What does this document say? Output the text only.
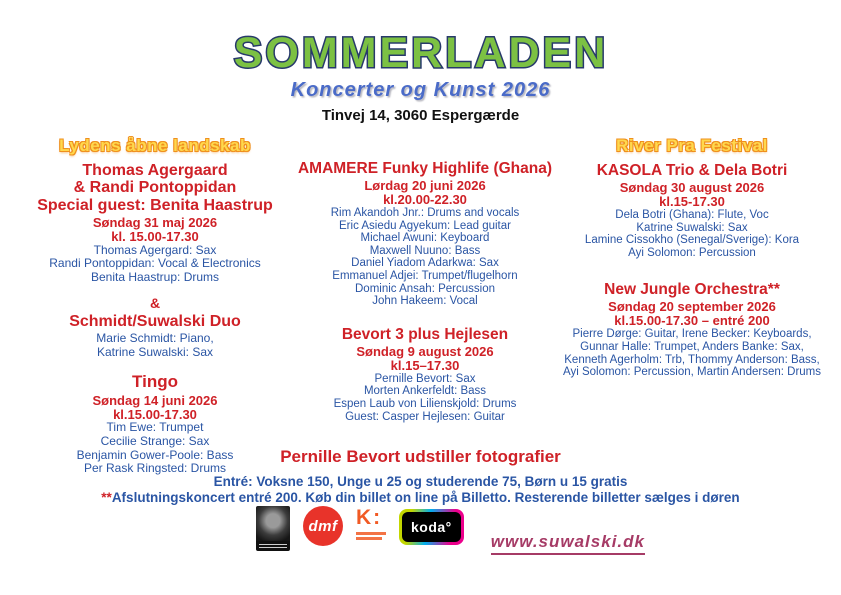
SOMMERLADEN
Koncerter og Kunst 2026
Tinvej 14, 3060 Espergærde
Lydens åbne landskab
Thomas Agergaard
& Randi Pontoppidan
Special guest: Benita Haastrup
Søndag 31 maj 2026
kl. 15.00-17.30
Thomas Agergard: Sax
Randi Pontoppidan: Vocal & Electronics
Benita Haastrup: Drums
&
Schmidt/Suwalski Duo
Marie Schmidt: Piano,
Katrine Suwalski: Sax
Tingo
Søndag 14 juni 2026
kl.15.00-17.30
Tim Ewe: Trumpet
Cecilie Strange: Sax
Benjamin Gower-Poole: Bass
Per Rask Ringsted: Drums
AMAMERE Funky Highlife (Ghana)
Lørdag 20 juni 2026
kl.20.00-22.30
Rim Akandoh Jnr.: Drums and vocals
Eric Asiedu Agyekum: Lead guitar
Michael Awuni: Keyboard
Maxwell Nuuno: Bass
Daniel Yiadom Adarkwa: Sax
Emmanuel Adjei: Trumpet/flugelhorn
Dominic Ansah: Percussion
John Hakeem: Vocal
Bevort 3 plus Hejlesen
Søndag 9 august 2026
kl.15–17.30
Pernille Bevort: Sax
Morten Ankerfeldt: Bass
Espen Laub von Lilienskjold: Drums
Guest: Casper Hejlesen: Guitar
River Pra Festival
KASOLA Trio & Dela Botri
Søndag 30 august 2026
kl.15-17.30
Dela Botri (Ghana): Flute, Voc
Katrine Suwalski: Sax
Lamine Cissokho (Senegal/Sverige): Kora
Ayi Solomon: Percussion
New Jungle Orchestra**
Søndag 20 september 2026
kl.15.00-17.30 – entré 200
Pierre Dørge: Guitar, Irene Becker: Keyboards,
Gunnar Halle: Trumpet, Anders Banke: Sax,
Kenneth Agerholm: Trb, Thommy Anderson: Bass,
Ayi Solomon: Percussion, Martin Andersen: Drums
Pernille Bevort udstiller fotografier
Entré: Voksne 150, Unge u 25 og studerende 75, Børn u 15 gratis
**Afslutningskoncert entré 200. Køb din billet on line på Billetto. Resterende billetter sælges i døren
dmf K:	koda°
www.suwalski.dk
